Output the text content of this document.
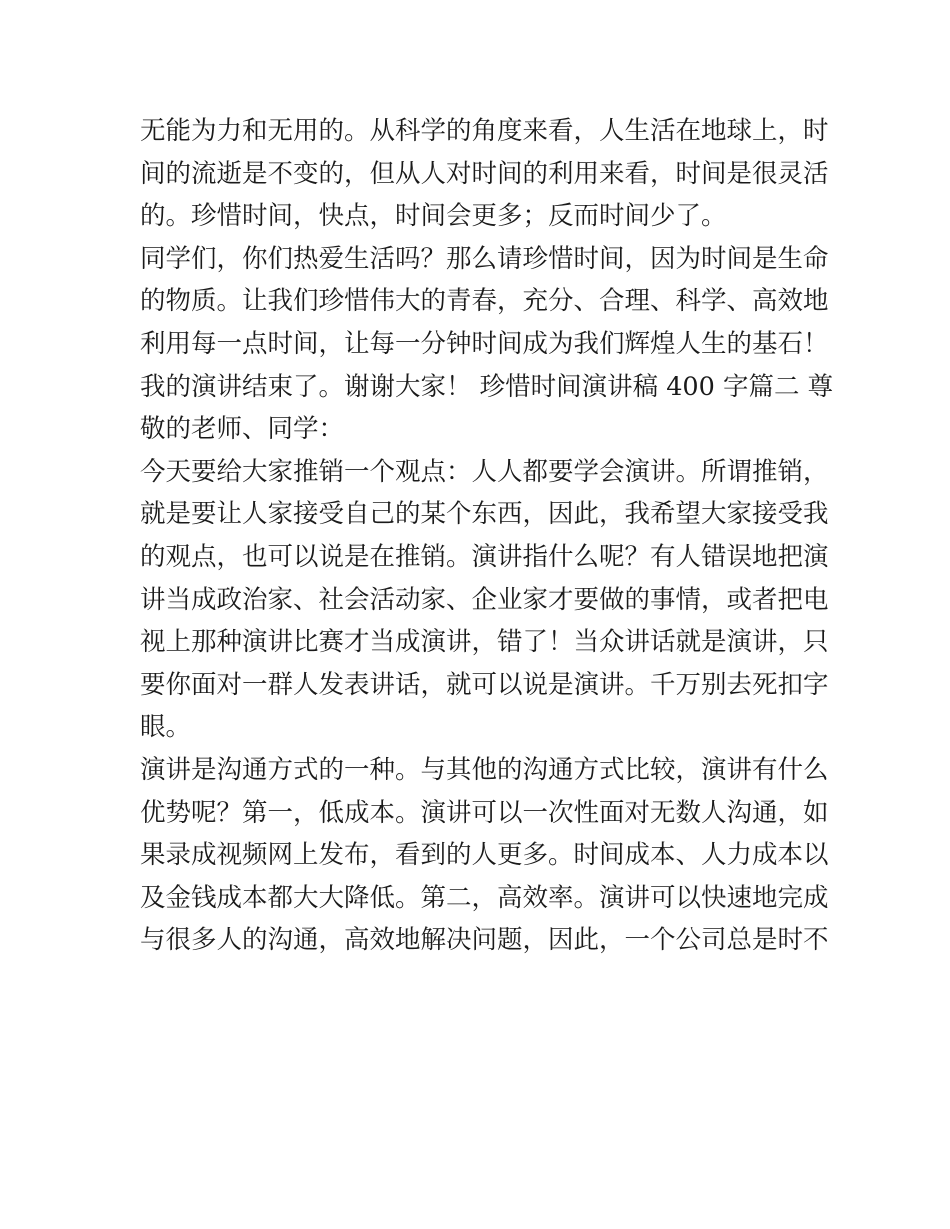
无能为力和无用的。从科学的角度来看，人生活在地球上，时
间的流逝是不变的，但从人对时间的利用来看，时间是很灵活
的。珍惜时间，快点，时间会更多；反而时间少了。
同学们，你们热爱生活吗？那么请珍惜时间，因为时间是生命
的物质。让我们珍惜伟大的青春，充分、合理、科学、高效地
利用每一点时间，让每一分钟时间成为我们辉煌人生的基石！
我的演讲结束了。谢谢大家！ 珍惜时间演讲稿 400 字篇二 尊
敬的老师、同学：
今天要给大家推销一个观点：人人都要学会演讲。所谓推销，
就是要让人家接受自己的某个东西，因此，我希望大家接受我
的观点，也可以说是在推销。演讲指什么呢？有人错误地把演
讲当成政治家、社会活动家、企业家才要做的事情，或者把电
视上那种演讲比赛才当成演讲，错了！当众讲话就是演讲，只
要你面对一群人发表讲话，就可以说是演讲。千万别去死扣字
眼。
演讲是沟通方式的一种。与其他的沟通方式比较，演讲有什么
优势呢？第一，低成本。演讲可以一次性面对无数人沟通，如
果录成视频网上发布，看到的人更多。时间成本、人力成本以
及金钱成本都大大降低。第二，高效率。演讲可以快速地完成
与很多人的沟通，高效地解决问题，因此，一个公司总是时不
